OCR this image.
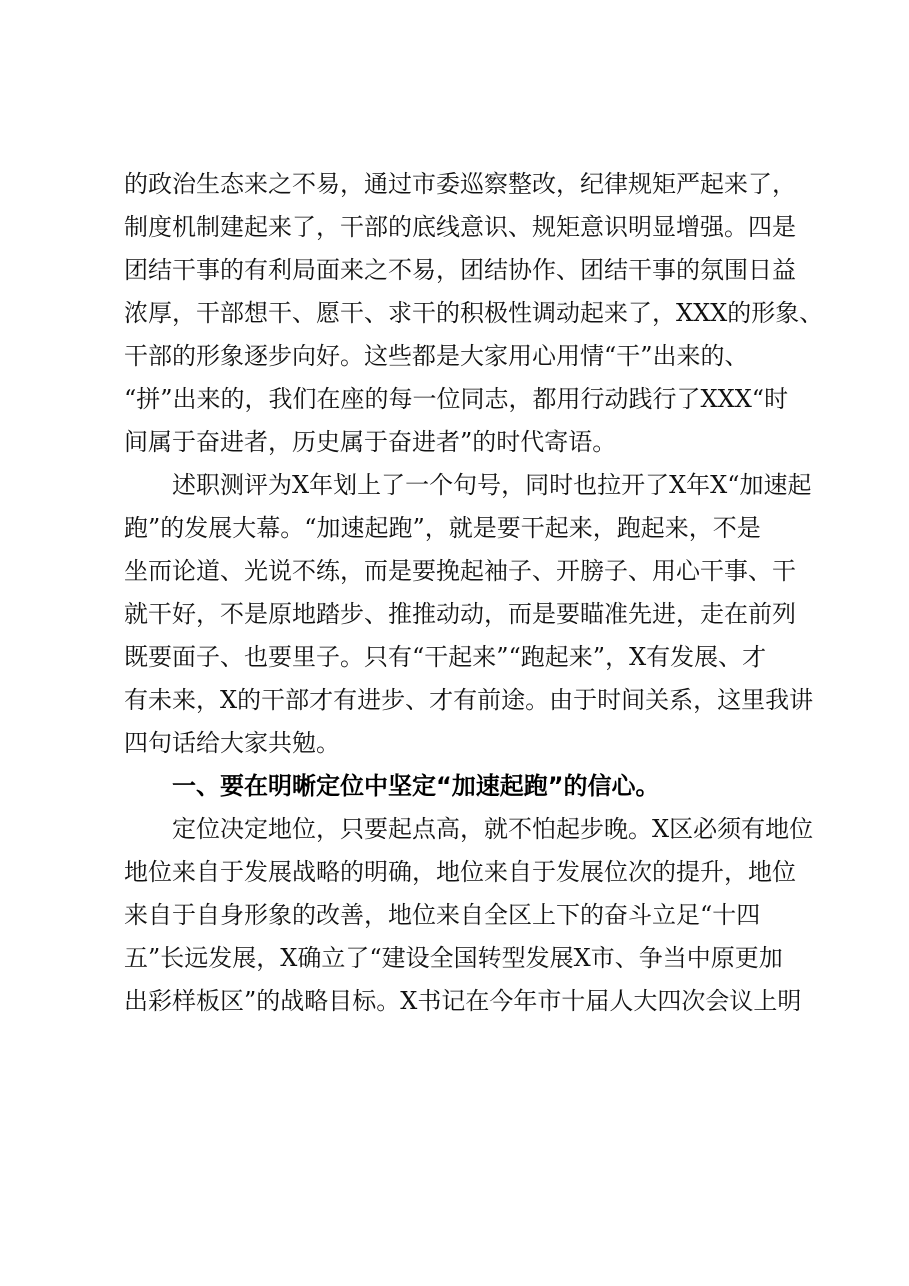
的政治生态来之不易，通过市委巡察整改，纪律规矩严起来了，
制度机制建起来了，干部的底线意识、规矩意识明显增强。四是
团结干事的有利局面来之不易，团结协作、团结干事的氛围日益
浓厚，干部想干、愿干、求干的积极性调动起来了，XXX的形象、
干部的形象逐步向好。这些都是大家用心用情“干”出来的、
“拼”出来的，我们在座的每一位同志，都用行动践行了XXX“时
间属于奋进者，历史属于奋进者”的时代寄语。
述职测评为X年划上了一个句号，同时也拉开了X年X“加速起
跑”的发展大幕。“加速起跑”，就是要干起来，跑起来，不是
坐而论道、光说不练，而是要挽起袖子、开膀子、用心干事、干
就干好，不是原地踏步、推推动动，而是要瞄准先进，走在前列
既要面子、也要里子。只有“干起来”“跑起来”，X有发展、才
有未来，X的干部才有进步、才有前途。由于时间关系，这里我讲
四句话给大家共勉。
一、要在明晰定位中坚定“加速起跑”的信心。
定位决定地位，只要起点高，就不怕起步晚。X区必须有地位
地位来自于发展战略的明确，地位来自于发展位次的提升，地位
来自于自身形象的改善，地位来自全区上下的奋斗立足“十四
五”长远发展，X确立了“建设全国转型发展X市、争当中原更加
出彩样板区”的战略目标。X书记在今年市十届人大四次会议上明
